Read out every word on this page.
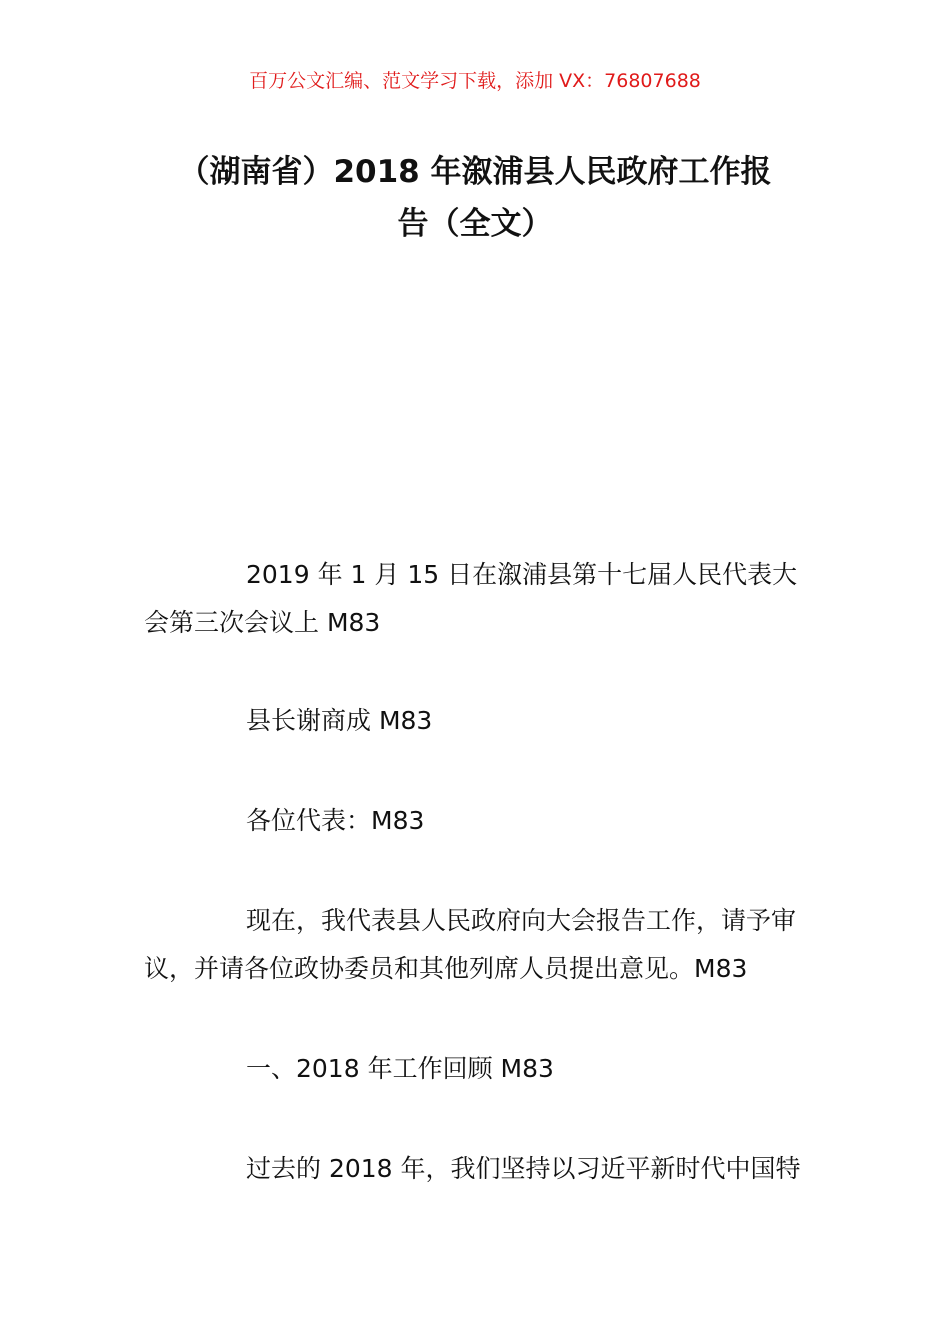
百万公文汇编、范文学习下载，添加 VX：76807688
（湖南省）2018 年溆浦县人民政府工作报
告（全文）

2019 年 1 月 15 日在溆浦县第十七届人民代表大会第三次会议上 M83

县长谢商成 M83

各位代表：M83

现在，我代表县人民政府向大会报告工作，请予审议，并请各位政协委员和其他列席人员提出意见。M83

一、2018 年工作回顾 M83

过去的 2018 年，我们坚持以习近平新时代中国特
